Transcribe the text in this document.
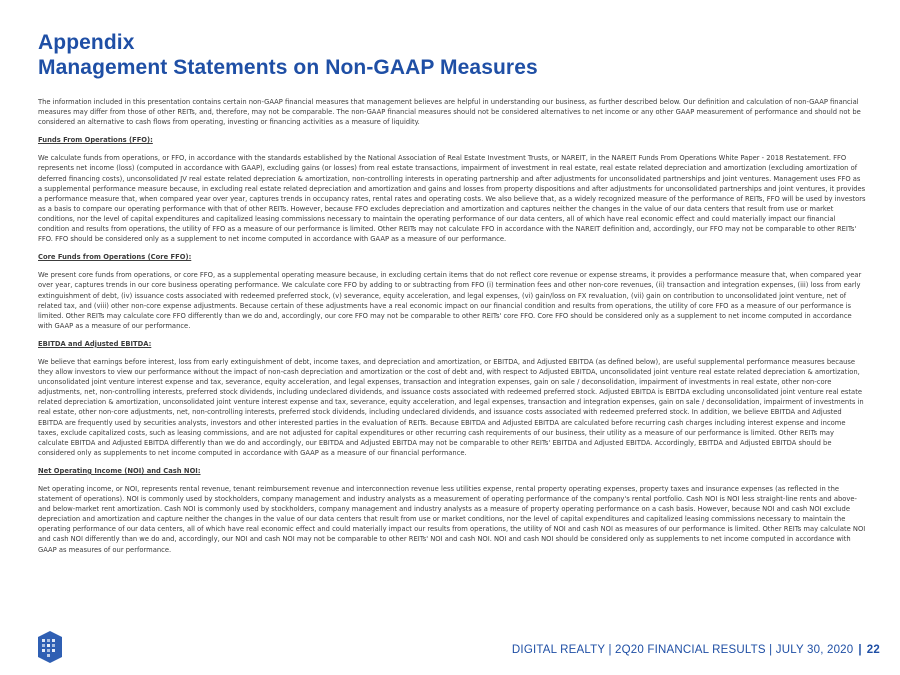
Appendix
Management Statements on Non-GAAP Measures

The information included in this presentation contains certain non-GAAP financial measures that management believes are helpful in understanding our business, as further described below. Our definition and calculation of non-GAAP financial measures may differ from those of other REITs, and, therefore, may not be comparable. The non-GAAP financial measures should not be considered alternatives to net income or any other GAAP measurement of performance and should not be considered an alternative to cash flows from operating, investing or financing activities as a measure of liquidity.

Funds From Operations (FFO):

We calculate funds from operations, or FFO, in accordance with the standards established by the National Association of Real Estate Investment Trusts, or NAREIT, in the NAREIT Funds From Operations White Paper - 2018 Restatement. FFO represents net income (loss) (computed in accordance with GAAP), excluding gains (or losses) from real estate transactions, impairment of investment in real estate, real estate related depreciation and amortization (excluding amortization of deferred financing costs), unconsolidated JV real estate related depreciation & amortization, non-controlling interests in operating partnership and after adjustments for unconsolidated partnerships and joint ventures. Management uses FFO as a supplemental performance measure because, in excluding real estate related depreciation and amortization and gains and losses from property dispositions and after adjustments for unconsolidated partnerships and joint ventures, it provides a performance measure that, when compared year over year, captures trends in occupancy rates, rental rates and operating costs. We also believe that, as a widely recognized measure of the performance of REITs, FFO will be used by investors as a basis to compare our operating performance with that of other REITs. However, because FFO excludes depreciation and amortization and captures neither the changes in the value of our data centers that result from use or market conditions, nor the level of capital expenditures and capitalized leasing commissions necessary to maintain the operating performance of our data centers, all of which have real economic effect and could materially impact our financial condition and results from operations, the utility of FFO as a measure of our performance is limited. Other REITs may not calculate FFO in accordance with the NAREIT definition and, accordingly, our FFO may not be comparable to other REITs' FFO. FFO should be considered only as a supplement to net income computed in accordance with GAAP as a measure of our performance.

Core Funds from Operations (Core FFO):

We present core funds from operations, or core FFO, as a supplemental operating measure because, in excluding certain items that do not reflect core revenue or expense streams, it provides a performance measure that, when compared year over year, captures trends in our core business operating performance. We calculate core FFO by adding to or subtracting from FFO (i) termination fees and other non-core revenues, (ii) transaction and integration expenses, (iii) loss from early extinguishment of debt, (iv) issuance costs associated with redeemed preferred stock, (v) severance, equity acceleration, and legal expenses, (vi) gain/loss on FX revaluation, (vii) gain on contribution to unconsolidated joint venture, net of related tax, and (viii) other non-core expense adjustments. Because certain of these adjustments have a real economic impact on our financial condition and results from operations, the utility of core FFO as a measure of our performance is limited. Other REITs may calculate core FFO differently than we do and, accordingly, our core FFO may not be comparable to other REITs' core FFO. Core FFO should be considered only as a supplement to net income computed in accordance with GAAP as a measure of our performance.

EBITDA and Adjusted EBITDA:

We believe that earnings before interest, loss from early extinguishment of debt, income taxes, and depreciation and amortization, or EBITDA, and Adjusted EBITDA (as defined below), are useful supplemental performance measures because they allow investors to view our performance without the impact of non-cash depreciation and amortization or the cost of debt and, with respect to Adjusted EBITDA, unconsolidated joint venture real estate related depreciation & amortization, unconsolidated joint venture interest expense and tax, severance, equity acceleration, and legal expenses, transaction and integration expenses, gain on sale / deconsolidation, impairment of investments in real estate, other non-core adjustments, net, non-controlling interests, preferred stock dividends, including undeclared dividends, and issuance costs associated with redeemed preferred stock. Adjusted EBITDA is EBITDA excluding unconsolidated joint venture real estate related depreciation & amortization, unconsolidated joint venture interest expense and tax, severance, equity acceleration, and legal expenses, transaction and integration expenses, gain on sale / deconsolidation, impairment of investments in real estate, other non-core adjustments, net, non-controlling interests, preferred stock dividends, including undeclared dividends, and issuance costs associated with redeemed preferred stock. In addition, we believe EBITDA and Adjusted EBITDA are frequently used by securities analysts, investors and other interested parties in the evaluation of REITs. Because EBITDA and Adjusted EBITDA are calculated before recurring cash charges including interest expense and income taxes, exclude capitalized costs, such as leasing commissions, and are not adjusted for capital expenditures or other recurring cash requirements of our business, their utility as a measure of our performance is limited. Other REITs may calculate EBITDA and Adjusted EBITDA differently than we do and accordingly, our EBITDA and Adjusted EBITDA may not be comparable to other REITs' EBITDA and Adjusted EBITDA. Accordingly, EBITDA and Adjusted EBITDA should be considered only as supplements to net income computed in accordance with GAAP as a measure of our financial performance.

Net Operating Income (NOI) and Cash NOI:

Net operating income, or NOI, represents rental revenue, tenant reimbursement revenue and interconnection revenue less utilities expense, rental property operating expenses, property taxes and insurance expenses (as reflected in the statement of operations). NOI is commonly used by stockholders, company management and industry analysts as a measurement of operating performance of the company's rental portfolio. Cash NOI is NOI less straight-line rents and above- and below-market rent amortization. Cash NOI is commonly used by stockholders, company management and industry analysts as a measure of property operating performance on a cash basis. However, because NOI and cash NOI exclude depreciation and amortization and capture neither the changes in the value of our data centers that result from use or market conditions, nor the level of capital expenditures and capitalized leasing commissions necessary to maintain the operating performance of our data centers, all of which have real economic effect and could materially impact our results from operations, the utility of NOI and cash NOI as measures of our performance is limited. Other REITs may calculate NOI and cash NOI differently than we do and, accordingly, our NOI and cash NOI may not be comparable to other REITs' NOI and cash NOI. NOI and cash NOI should be considered only as supplements to net income computed in accordance with GAAP as measures of our performance.

DIGITAL REALTY | 2Q20 FINANCIAL RESULTS | JULY 30, 2020 | 22
